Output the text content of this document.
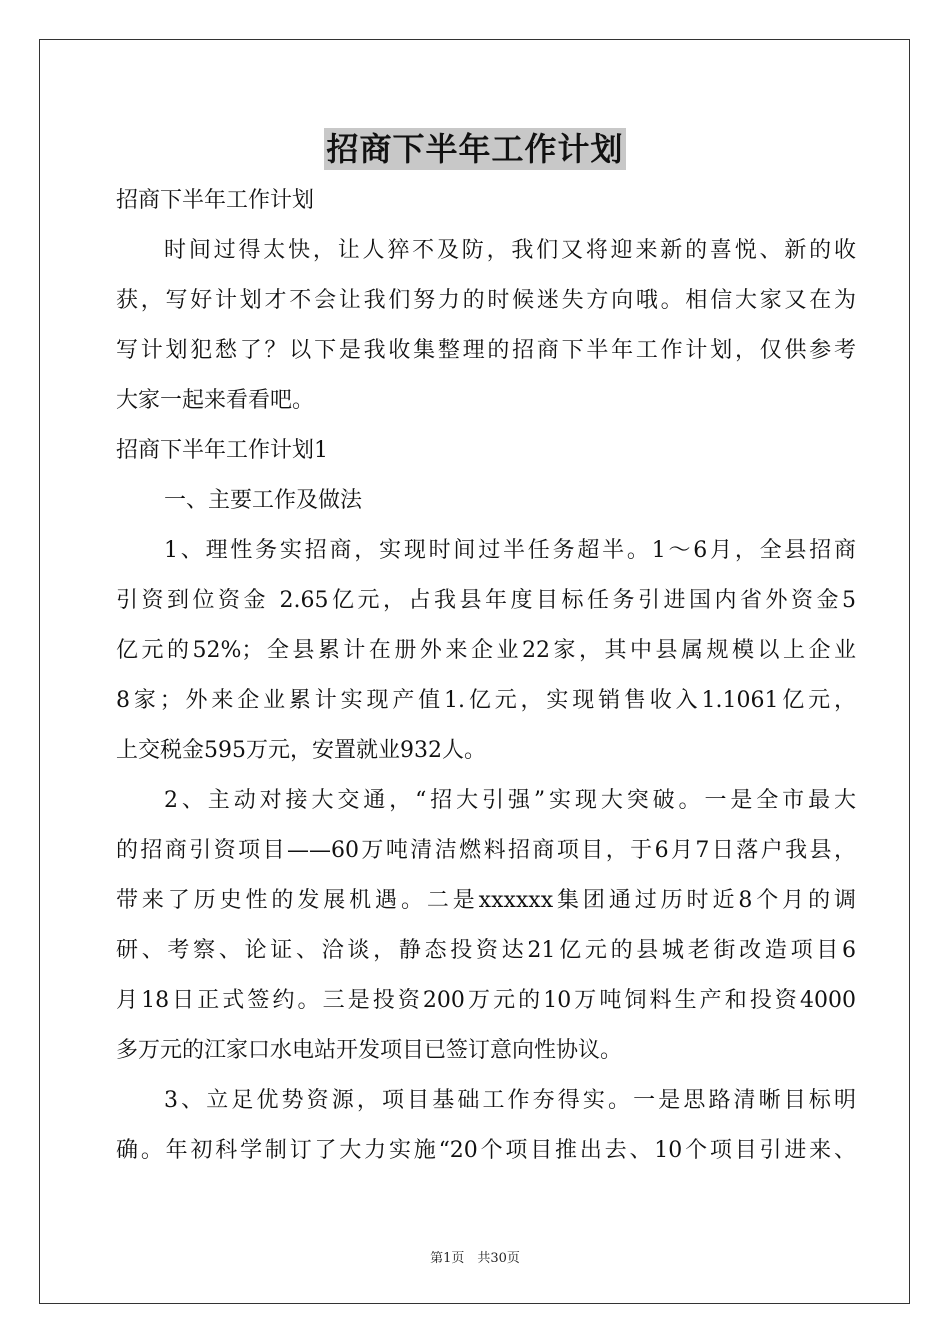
招商下半年工作计划

招商下半年工作计划

时间过得太快，让人猝不及防，我们又将迎来新的喜悦、新的收

获，写好计划才不会让我们努力的时候迷失方向哦。相信大家又在为

写计划犯愁了？以下是我收集整理的招商下半年工作计划，仅供参考

大家一起来看看吧。

招商下半年工作计划1

一、主要工作及做法

1、理性务实招商，实现时间过半任务超半。1～6月，全县招商

引资到位资金 2.65亿元，占我县年度目标任务引进国内省外资金5

亿元的52%；全县累计在册外来企业22家，其中县属规模以上企业

8家；外来企业累计实现产值1.亿元，实现销售收入1.1061亿元，

上交税金595万元，安置就业932人。

2、主动对接大交通，“招大引强”实现大突破。一是全市最大

的招商引资项目——60万吨清洁燃料招商项目，于6月7日落户我县，

带来了历史性的发展机遇。二是xxxxxx集团通过历时近8个月的调

研、考察、论证、洽谈，静态投资达21亿元的县城老街改造项目6

月18日正式签约。三是投资200万元的10万吨饲料生产和投资4000

多万元的江家口水电站开发项目已签订意向性协议。

3、立足优势资源，项目基础工作夯得实。一是思路清晰目标明

确。年初科学制订了大力实施“20个项目推出去、10个项目引进来、

第1页　共30页
